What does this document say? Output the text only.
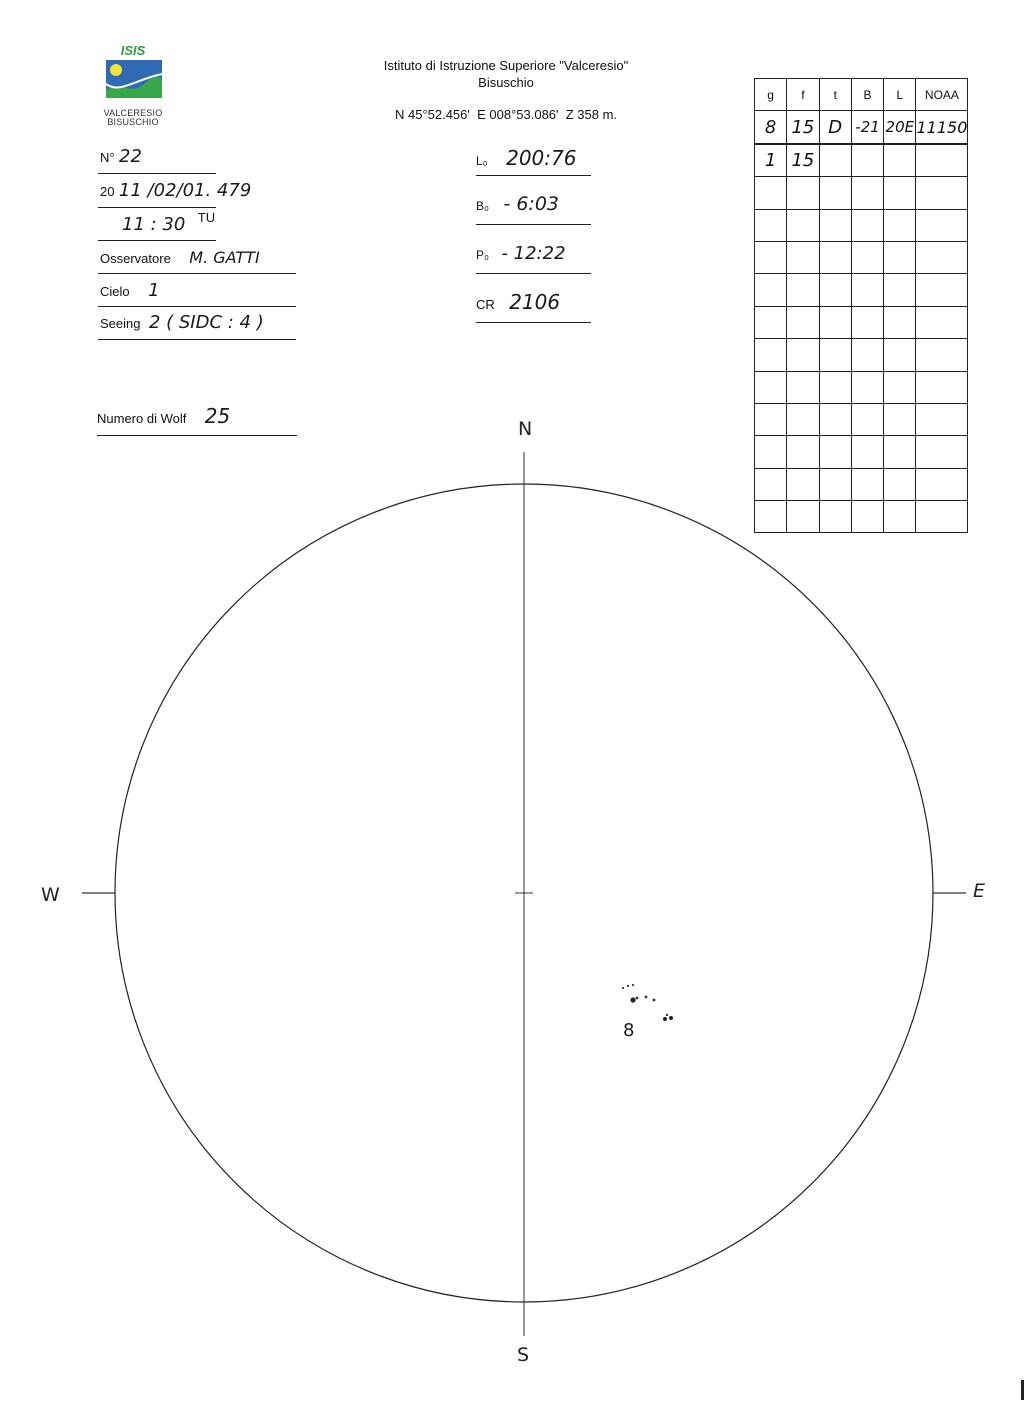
ISIS
VALCERESIO
BISUSCHIO
Istituto di Istruzione Superiore "Valceresio"
Bisuschio
N 45°52.456'  E 008°53.086'  Z 358 m.
N° 22
20 11 /02/01. 479
11 : 30 $^{TU}$
Osservatore M. GATTI
Cielo 1
Seeing 2 ( SIDC : 4 )
Numero di Wolf 25
L₀ 200:76
B₀ - 6:03
P₀ - 12:22
CR 2106
g	f	t	B	L	NOAA
8	15	D	-21	20E	11150
1	15				

N
S
W	E
8
